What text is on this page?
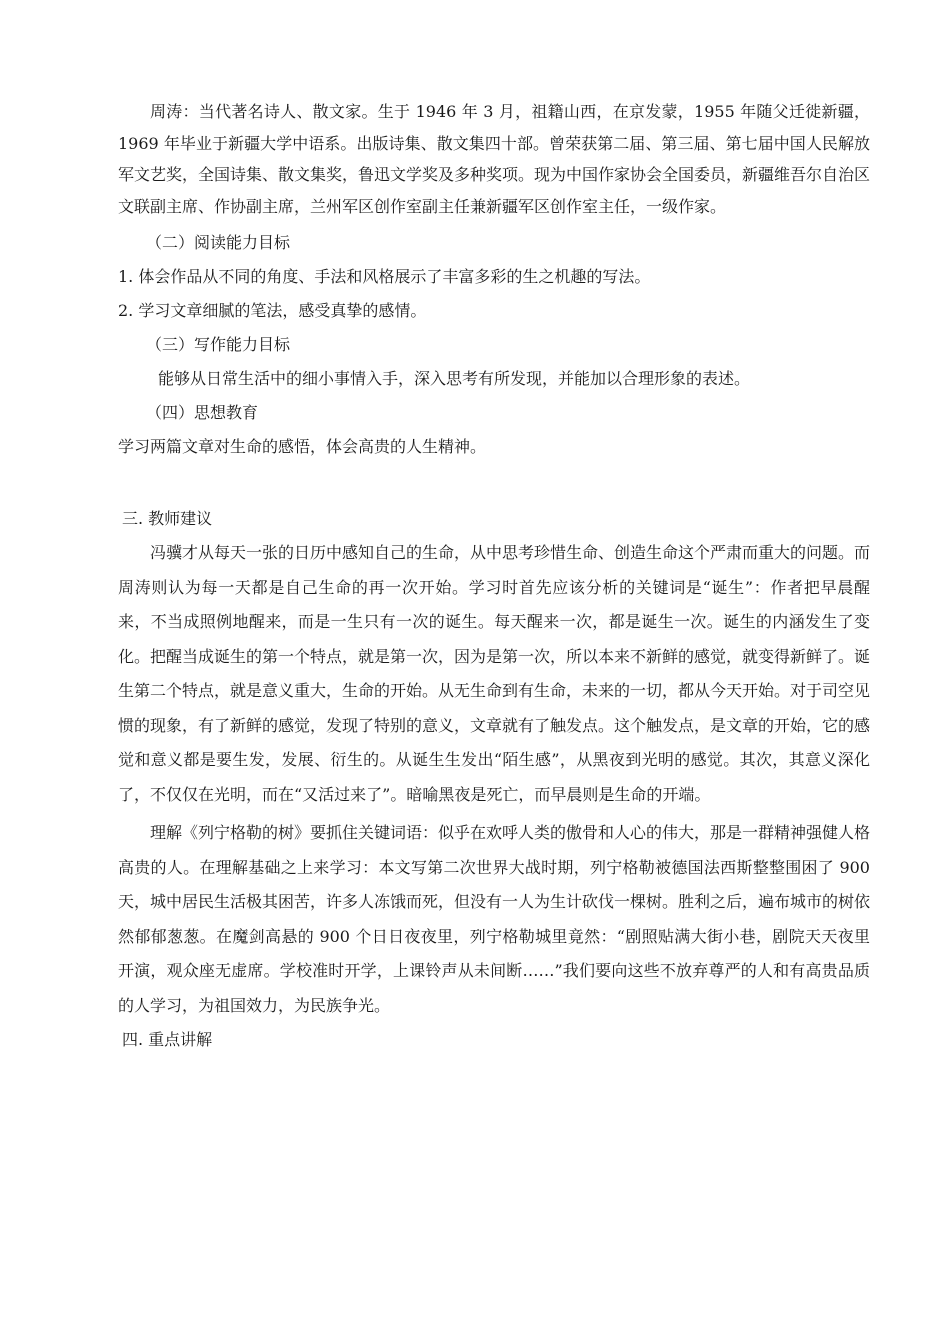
周涛：当代著名诗人、散文家。生于 1946 年 3 月，祖籍山西，在京发蒙，1955 年随父迁徙新疆，1969 年毕业于新疆大学中语系。出版诗集、散文集四十部。曾荣获第二届、第三届、第七届中国人民解放军文艺奖，全国诗集、散文集奖，鲁迅文学奖及多种奖项。现为中国作家协会全国委员，新疆维吾尔自治区文联副主席、作协副主席，兰州军区创作室副主任兼新疆军区创作室主任，一级作家。

（二）阅读能力目标

1. 体会作品从不同的角度、手法和风格展示了丰富多彩的生之机趣的写法。

2. 学习文章细腻的笔法，感受真挚的感情。

（三）写作能力目标

能够从日常生活中的细小事情入手，深入思考有所发现，并能加以合理形象的表述。

（四）思想教育

学习两篇文章对生命的感悟，体会高贵的人生精神。

三. 教师建议

冯骥才从每天一张的日历中感知自己的生命，从中思考珍惜生命、创造生命这个严肃而重大的问题。而周涛则认为每一天都是自己生命的再一次开始。学习时首先应该分析的关键词是“诞生”：作者把早晨醒来，不当成照例地醒来，而是一生只有一次的诞生。每天醒来一次，都是诞生一次。诞生的内涵发生了变化。把醒当成诞生的第一个特点，就是第一次，因为是第一次，所以本来不新鲜的感觉，就变得新鲜了。诞生第二个特点，就是意义重大，生命的开始。从无生命到有生命，未来的一切，都从今天开始。对于司空见惯的现象，有了新鲜的感觉，发现了特别的意义，文章就有了触发点。这个触发点，是文章的开始，它的感觉和意义都是要生发，发展、衍生的。从诞生生发出“陌生感”，从黑夜到光明的感觉。其次，其意义深化了，不仅仅在光明，而在“又活过来了”。暗喻黑夜是死亡，而早晨则是生命的开端。

理解《列宁格勒的树》要抓住关键词语：似乎在欢呼人类的傲骨和人心的伟大，那是一群精神强健人格高贵的人。在理解基础之上来学习：本文写第二次世界大战时期，列宁格勒被德国法西斯整整围困了 900 天，城中居民生活极其困苦，许多人冻饿而死，但没有一人为生计砍伐一棵树。胜利之后，遍布城市的树依然郁郁葱葱。在魔剑高悬的 900 个日日夜夜里，列宁格勒城里竟然：“剧照贴满大街小巷，剧院天天夜里开演，观众座无虚席。学校准时开学，上课铃声从未间断……”我们要向这些不放弃尊严的人和有高贵品质的人学习，为祖国效力，为民族争光。

四. 重点讲解
